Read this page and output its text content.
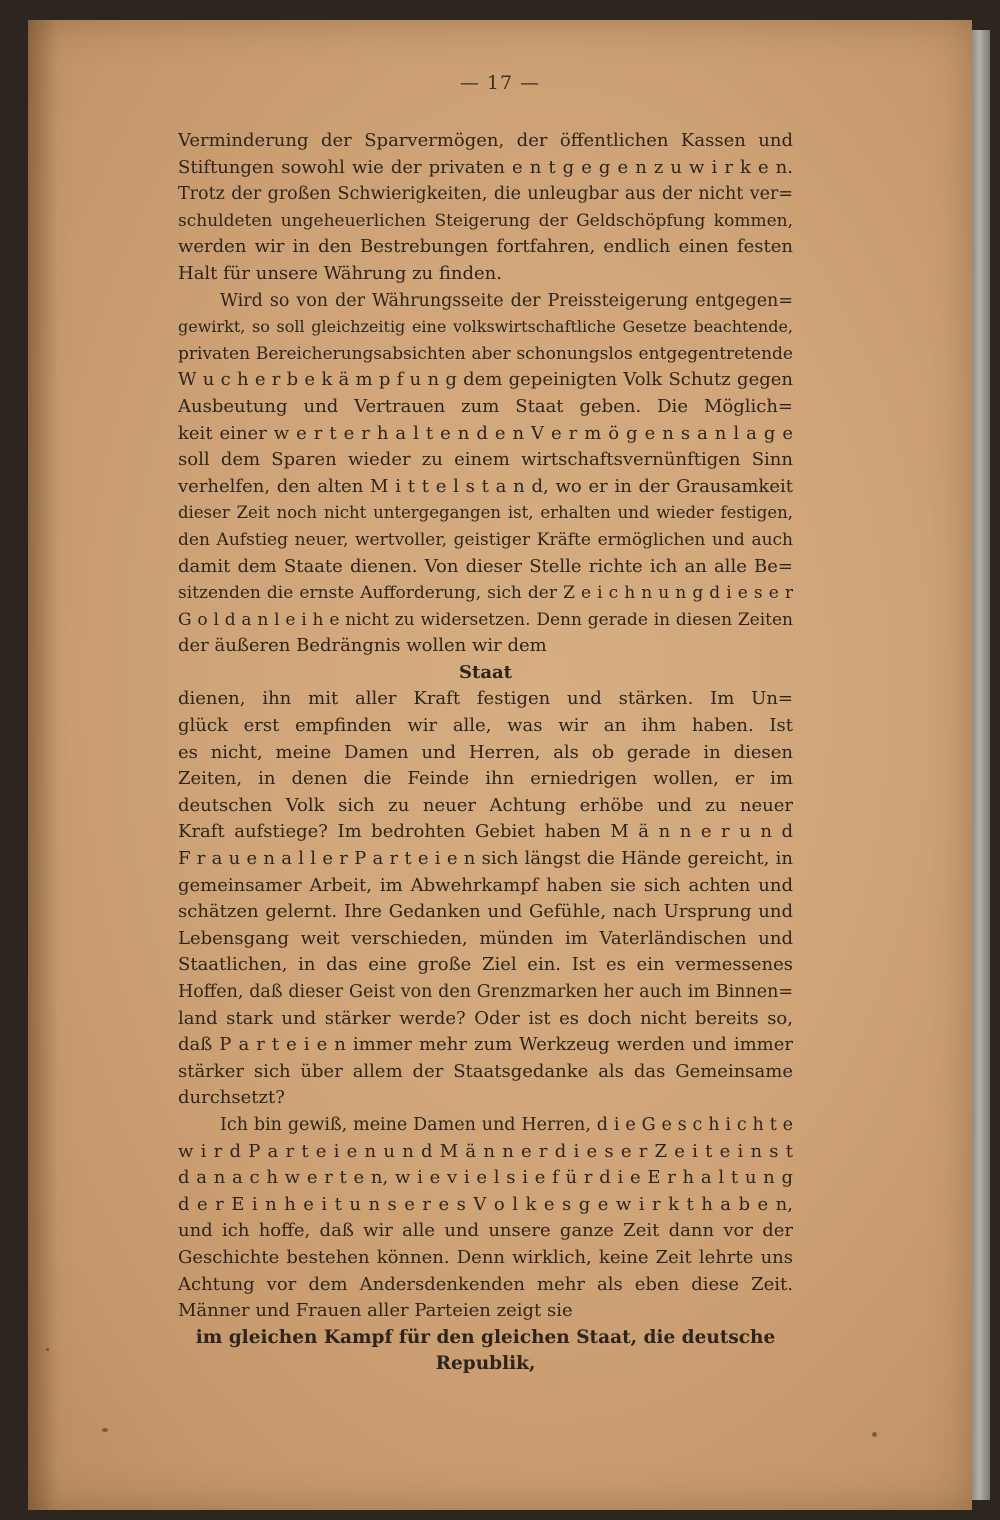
— 17 —
Verminderung der Sparvermögen, der öffentlichen Kassen und
Stiftungen sowohl wie der privaten e n t g e g e n z u w i r k e n.
Trotz der großen Schwierigkeiten, die unleugbar aus der nicht ver=
schuldeten ungeheuerlichen Steigerung der Geldschöpfung kommen,
werden wir in den Bestrebungen fortfahren, endlich einen festen
Halt für unsere Währung zu finden.
Wird so von der Währungsseite der Preissteigerung entgegen=
gewirkt, so soll gleichzeitig eine volkswirtschaftliche Gesetze beachtende,
privaten Bereicherungsabsichten aber schonungslos entgegentretende
W u c h e r b e k ä m p f u n g dem gepeinigten Volk Schutz gegen
Ausbeutung und Vertrauen zum Staat geben. Die Möglich=
keit einer w e r t e r h a l t e n d e n V e r m ö g e n s a n l a g e
soll dem Sparen wieder zu einem wirtschaftsvernünftigen Sinn
verhelfen, den alten M i t t e l s t a n d, wo er in der Grausamkeit
dieser Zeit noch nicht untergegangen ist, erhalten und wieder festigen,
den Aufstieg neuer, wertvoller, geistiger Kräfte ermöglichen und auch
damit dem Staate dienen. Von dieser Stelle richte ich an alle Be=
sitzenden die ernste Aufforderung, sich der Z e i c h n u n g d i e s e r
G o l d a n l e i h e nicht zu widersetzen. Denn gerade in diesen Zeiten
der äußeren Bedrängnis wollen wir dem
Staat
dienen, ihn mit aller Kraft festigen und stärken. Im Un=
glück erst empfinden wir alle, was wir an ihm haben. Ist
es nicht, meine Damen und Herren, als ob gerade in diesen
Zeiten, in denen die Feinde ihn erniedrigen wollen, er im
deutschen Volk sich zu neuer Achtung erhöbe und zu neuer
Kraft aufstiege? Im bedrohten Gebiet haben M ä n n e r u n d
F r a u e n a l l e r P a r t e i e n sich längst die Hände gereicht, in
gemeinsamer Arbeit, im Abwehrkampf haben sie sich achten und
schätzen gelernt. Ihre Gedanken und Gefühle, nach Ursprung und
Lebensgang weit verschieden, münden im Vaterländischen und
Staatlichen, in das eine große Ziel ein. Ist es ein vermessenes
Hoffen, daß dieser Geist von den Grenzmarken her auch im Binnen=
land stark und stärker werde? Oder ist es doch nicht bereits so,
daß P a r t e i e n immer mehr zum Werkzeug werden und immer
stärker sich über allem der Staatsgedanke als das Gemeinsame
durchsetzt?
Ich bin gewiß, meine Damen und Herren, d i e G e s c h i c h t e
w i r d P a r t e i e n u n d M ä n n e r d i e s e r Z e i t e i n s t
d a n a c h w e r t e n, w i e v i e l s i e f ü r d i e E r h a l t u n g
d e r E i n h e i t u n s e r e s V o l k e s g e w i r k t h a b e n,
und ich hoffe, daß wir alle und unsere ganze Zeit dann vor der
Geschichte bestehen können. Denn wirklich, keine Zeit lehrte uns
Achtung vor dem Andersdenkenden mehr als eben diese Zeit.
Männer und Frauen aller Parteien zeigt sie
im gleichen Kampf für den gleichen Staat, die deutsche
Republik,
